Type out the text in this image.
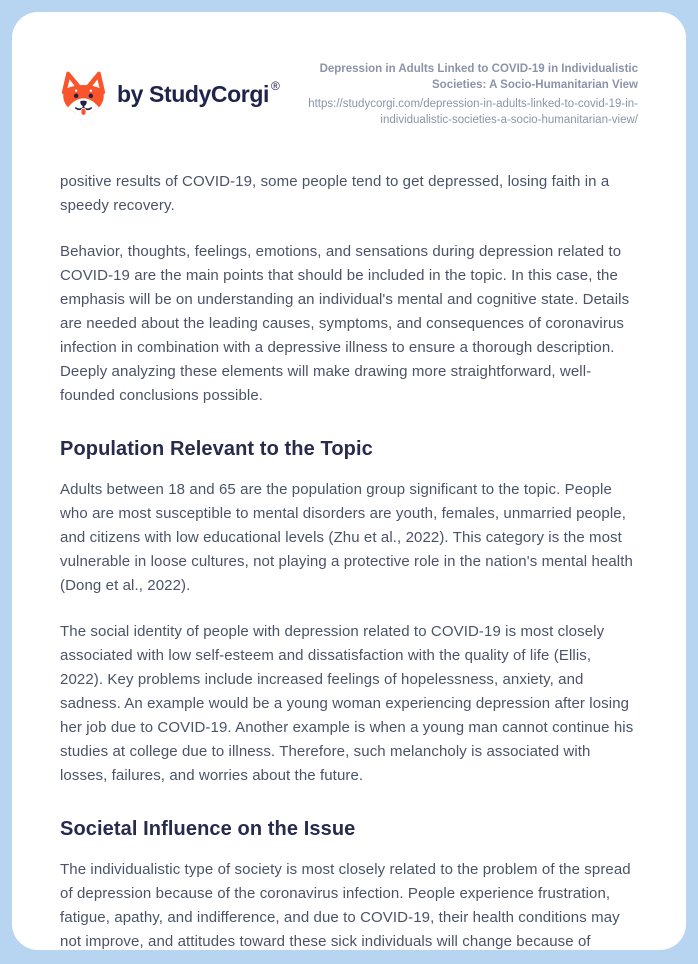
by StudyCorgi ®
Depression in Adults Linked to COVID-19 in Individualistic Societies: A Socio-Humanitarian View
https://studycorgi.com/depression-in-adults-linked-to-covid-19-in-individualistic-societies-a-socio-humanitarian-view/

positive results of COVID-19, some people tend to get depressed, losing faith in a speedy recovery.

Behavior, thoughts, feelings, emotions, and sensations during depression related to COVID-19 are the main points that should be included in the topic. In this case, the emphasis will be on understanding an individual's mental and cognitive state. Details are needed about the leading causes, symptoms, and consequences of coronavirus infection in combination with a depressive illness to ensure a thorough description. Deeply analyzing these elements will make drawing more straightforward, well-founded conclusions possible.

Population Relevant to the Topic

Adults between 18 and 65 are the population group significant to the topic. People who are most susceptible to mental disorders are youth, females, unmarried people, and citizens with low educational levels (Zhu et al., 2022). This category is the most vulnerable in loose cultures, not playing a protective role in the nation's mental health (Dong et al., 2022).

The social identity of people with depression related to COVID-19 is most closely associated with low self-esteem and dissatisfaction with the quality of life (Ellis, 2022). Key problems include increased feelings of hopelessness, anxiety, and sadness. An example would be a young woman experiencing depression after losing her job due to COVID-19. Another example is when a young man cannot continue his studies at college due to illness. Therefore, such melancholy is associated with losses, failures, and worries about the future.

Societal Influence on the Issue

The individualistic type of society is most closely related to the problem of the spread of depression because of the coronavirus infection. People experience frustration, fatigue, apathy, and indifference, and due to COVID-19, their health conditions may not improve, and attitudes toward these sick individuals will change because of
